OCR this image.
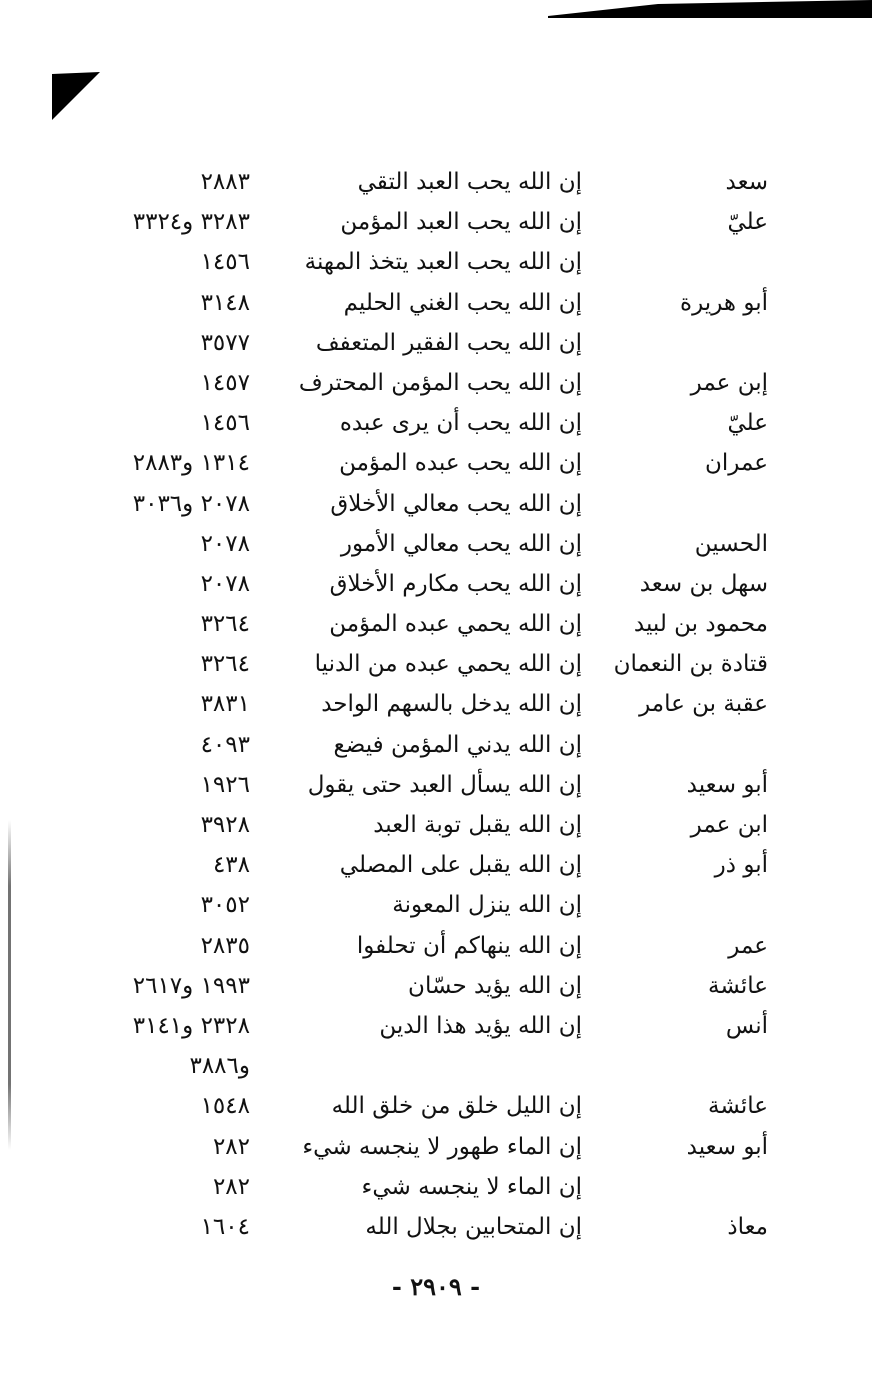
سعد
إن الله يحب العبد التقي
٢٨٨٣
عليّ
إن الله يحب العبد المؤمن
٣٢٨٣ و٣٣٢٤
إن الله يحب العبد يتخذ المهنة
١٤٥٦
أبو هريرة
إن الله يحب الغني الحليم
٣١٤٨
إن الله يحب الفقير المتعفف
٣٥٧٧
إبن عمر
إن الله يحب المؤمن المحترف
١٤٥٧
عليّ
إن الله يحب أن يرى عبده
١٤٥٦
عمران
إن الله يحب عبده المؤمن
١٣١٤ و٢٨٨٣
إن الله يحب معالي الأخلاق
٢٠٧٨ و٣٠٣٦
الحسين
إن الله يحب معالي الأمور
٢٠٧٨
سهل بن سعد
إن الله يحب مكارم الأخلاق
٢٠٧٨
محمود بن لبيد
إن الله يحمي عبده المؤمن
٣٢٦٤
قتادة بن النعمان
إن الله يحمي عبده من الدنيا
٣٢٦٤
عقبة بن عامر
إن الله يدخل بالسهم الواحد
٣٨٣١
إن الله يدني المؤمن فيضع
٤٠٩٣
أبو سعيد
إن الله يسأل العبد حتى يقول
١٩٢٦
ابن عمر
إن الله يقبل توبة العبد
٣٩٢٨
أبو ذر
إن الله يقبل على المصلي
٤٣٨
إن الله ينزل المعونة
٣٠٥٢
عمر
إن الله ينهاكم أن تحلفوا
٢٨٣٥
عائشة
إن الله يؤيد حسّان
١٩٩٣ و٢٦١٧
أنس
إن الله يؤيد هذا الدين
٢٣٢٨ و٣١٤١
و٣٨٨٦
عائشة
إن الليل خلق من خلق الله
١٥٤٨
أبو سعيد
إن الماء طهور لا ينجسه شيء
٢٨٢
إن الماء لا ينجسه شيء
٢٨٢
معاذ
إن المتحابين بجلال الله
١٦٠٤
- ٢٩٠٩ -
